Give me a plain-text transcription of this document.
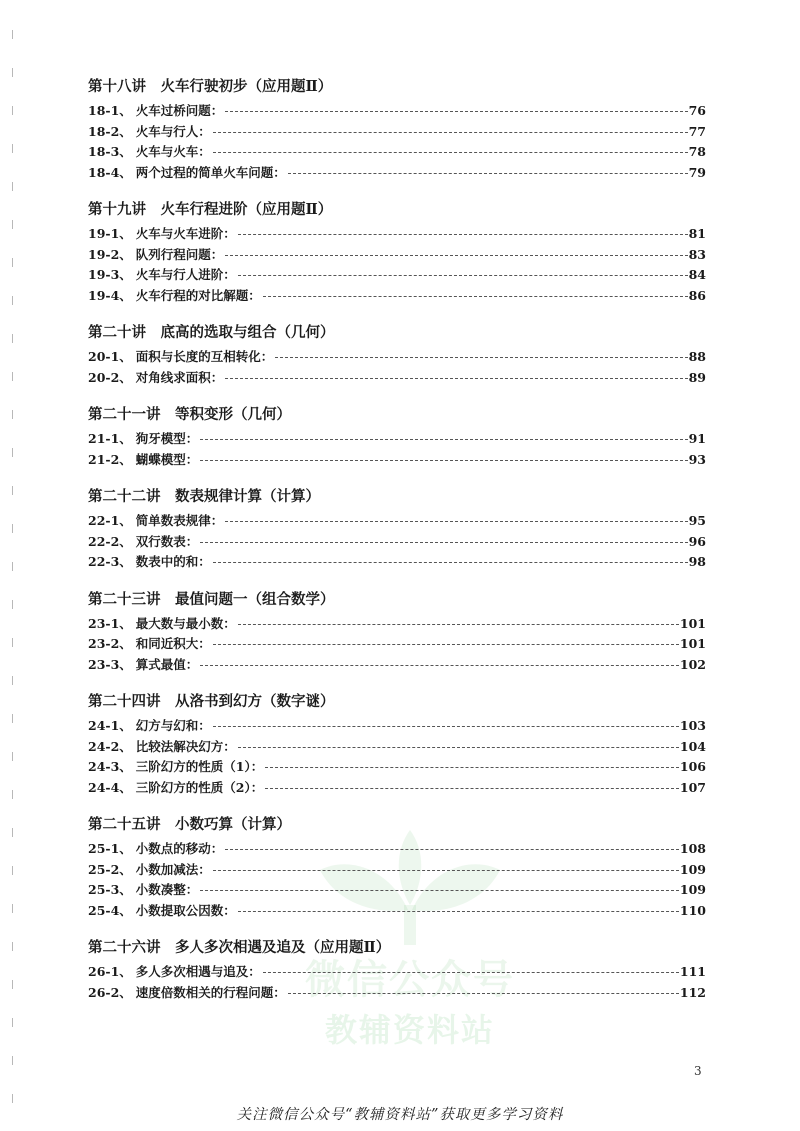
微信公众号
教辅资料站
第十八讲　火车行驶初步（应用题Ⅱ）
18-1、 火车过桥问题：	76
18-2、 火车与行人：	77
18-3、 火车与火车：	78
18-4、 两个过程的简单火车问题：	79
第十九讲　火车行程进阶（应用题Ⅱ）
19-1、 火车与火车进阶：	81
19-2、 队列行程问题：	83
19-3、 火车与行人进阶：	84
19-4、 火车行程的对比解题：	86
第二十讲　底高的选取与组合（几何）
20-1、 面积与长度的互相转化：	88
20-2、 对角线求面积：	89
第二十一讲　等积变形（几何）
21-1、 狗牙模型：	91
21-2、 蝴蝶模型：	93
第二十二讲　数表规律计算（计算）
22-1、 简单数表规律：	95
22-2、 双行数表：	96
22-3、 数表中的和：	98
第二十三讲　最值问题一（组合数学）
23-1、 最大数与最小数：	101
23-2、 和同近积大：	101
23-3、 算式最值：	102
第二十四讲　从洛书到幻方（数字谜）
24-1、 幻方与幻和：	103
24-2、 比较法解决幻方：	104
24-3、 三阶幻方的性质（1）：	106
24-4、 三阶幻方的性质（2）：	107
第二十五讲　小数巧算（计算）
25-1、 小数点的移动：	108
25-2、 小数加减法：	109
25-3、 小数凑整：	109
25-4、 小数提取公因数：	110
第二十六讲　多人多次相遇及追及（应用题Ⅱ）
26-1、 多人多次相遇与追及：	111
26-2、 速度倍数相关的行程问题：	112
3
关注微信公众号“教辅资料站”获取更多学习资料
